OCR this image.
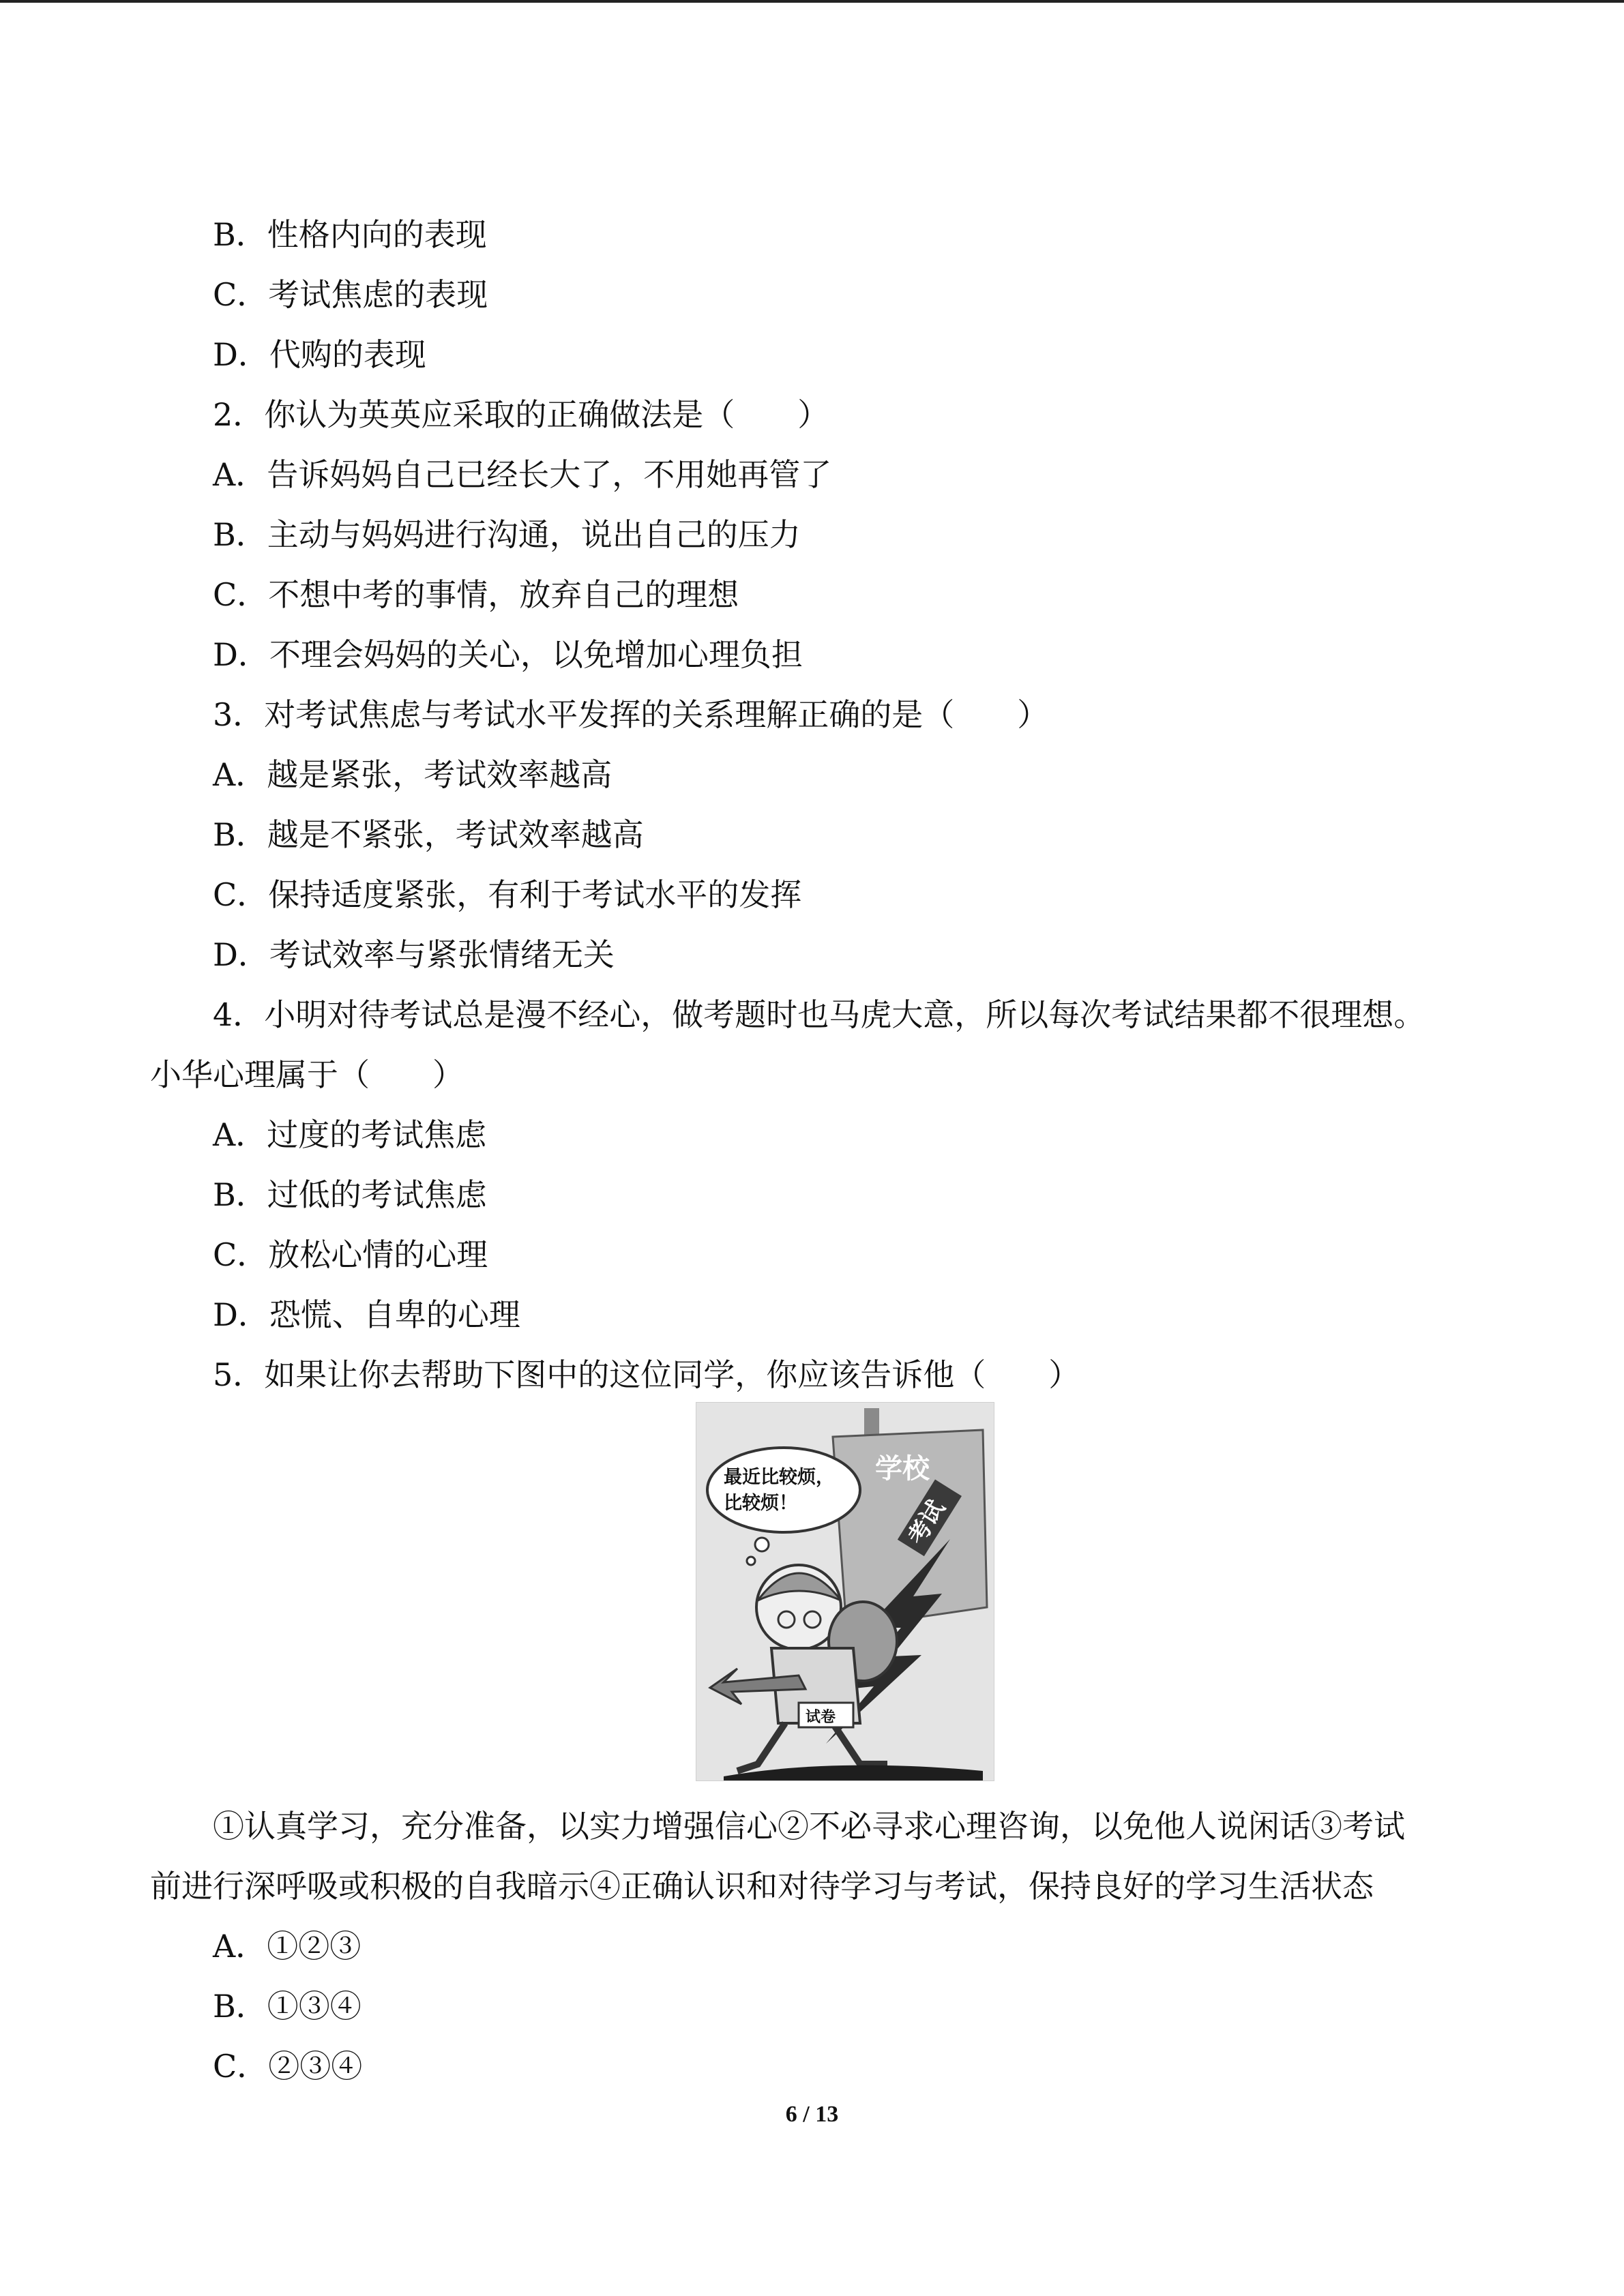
B．性格内向的表现
C．考试焦虑的表现
D．代购的表现
2．你认为英英应采取的正确做法是（　　）
A．告诉妈妈自己已经长大了，不用她再管了
B．主动与妈妈进行沟通，说出自己的压力
C．不想中考的事情，放弃自己的理想
D．不理会妈妈的关心，以免增加心理负担
3．对考试焦虑与考试水平发挥的关系理解正确的是（　　）
A．越是紧张，考试效率越高
B．越是不紧张，考试效率越高
C．保持适度紧张，有利于考试水平的发挥
D．考试效率与紧张情绪无关
4．小明对待考试总是漫不经心，做考题时也马虎大意，所以每次考试结果都不很理想。
小华心理属于（　　）
A．过度的考试焦虑
B．过低的考试焦虑
C．放松心情的心理
D．恐慌、自卑的心理
5．如果让你去帮助下图中的这位同学，你应该告诉他（　　）
学校
最近比较烦，
比较烦！	考试
试卷
①认真学习，充分准备，以实力增强信心②不必寻求心理咨询，以免他人说闲话③考试
前进行深呼吸或积极的自我暗示④正确认识和对待学习与考试，保持良好的学习生活状态
A．①②③
B．①③④
C．②③④
6 / 13
